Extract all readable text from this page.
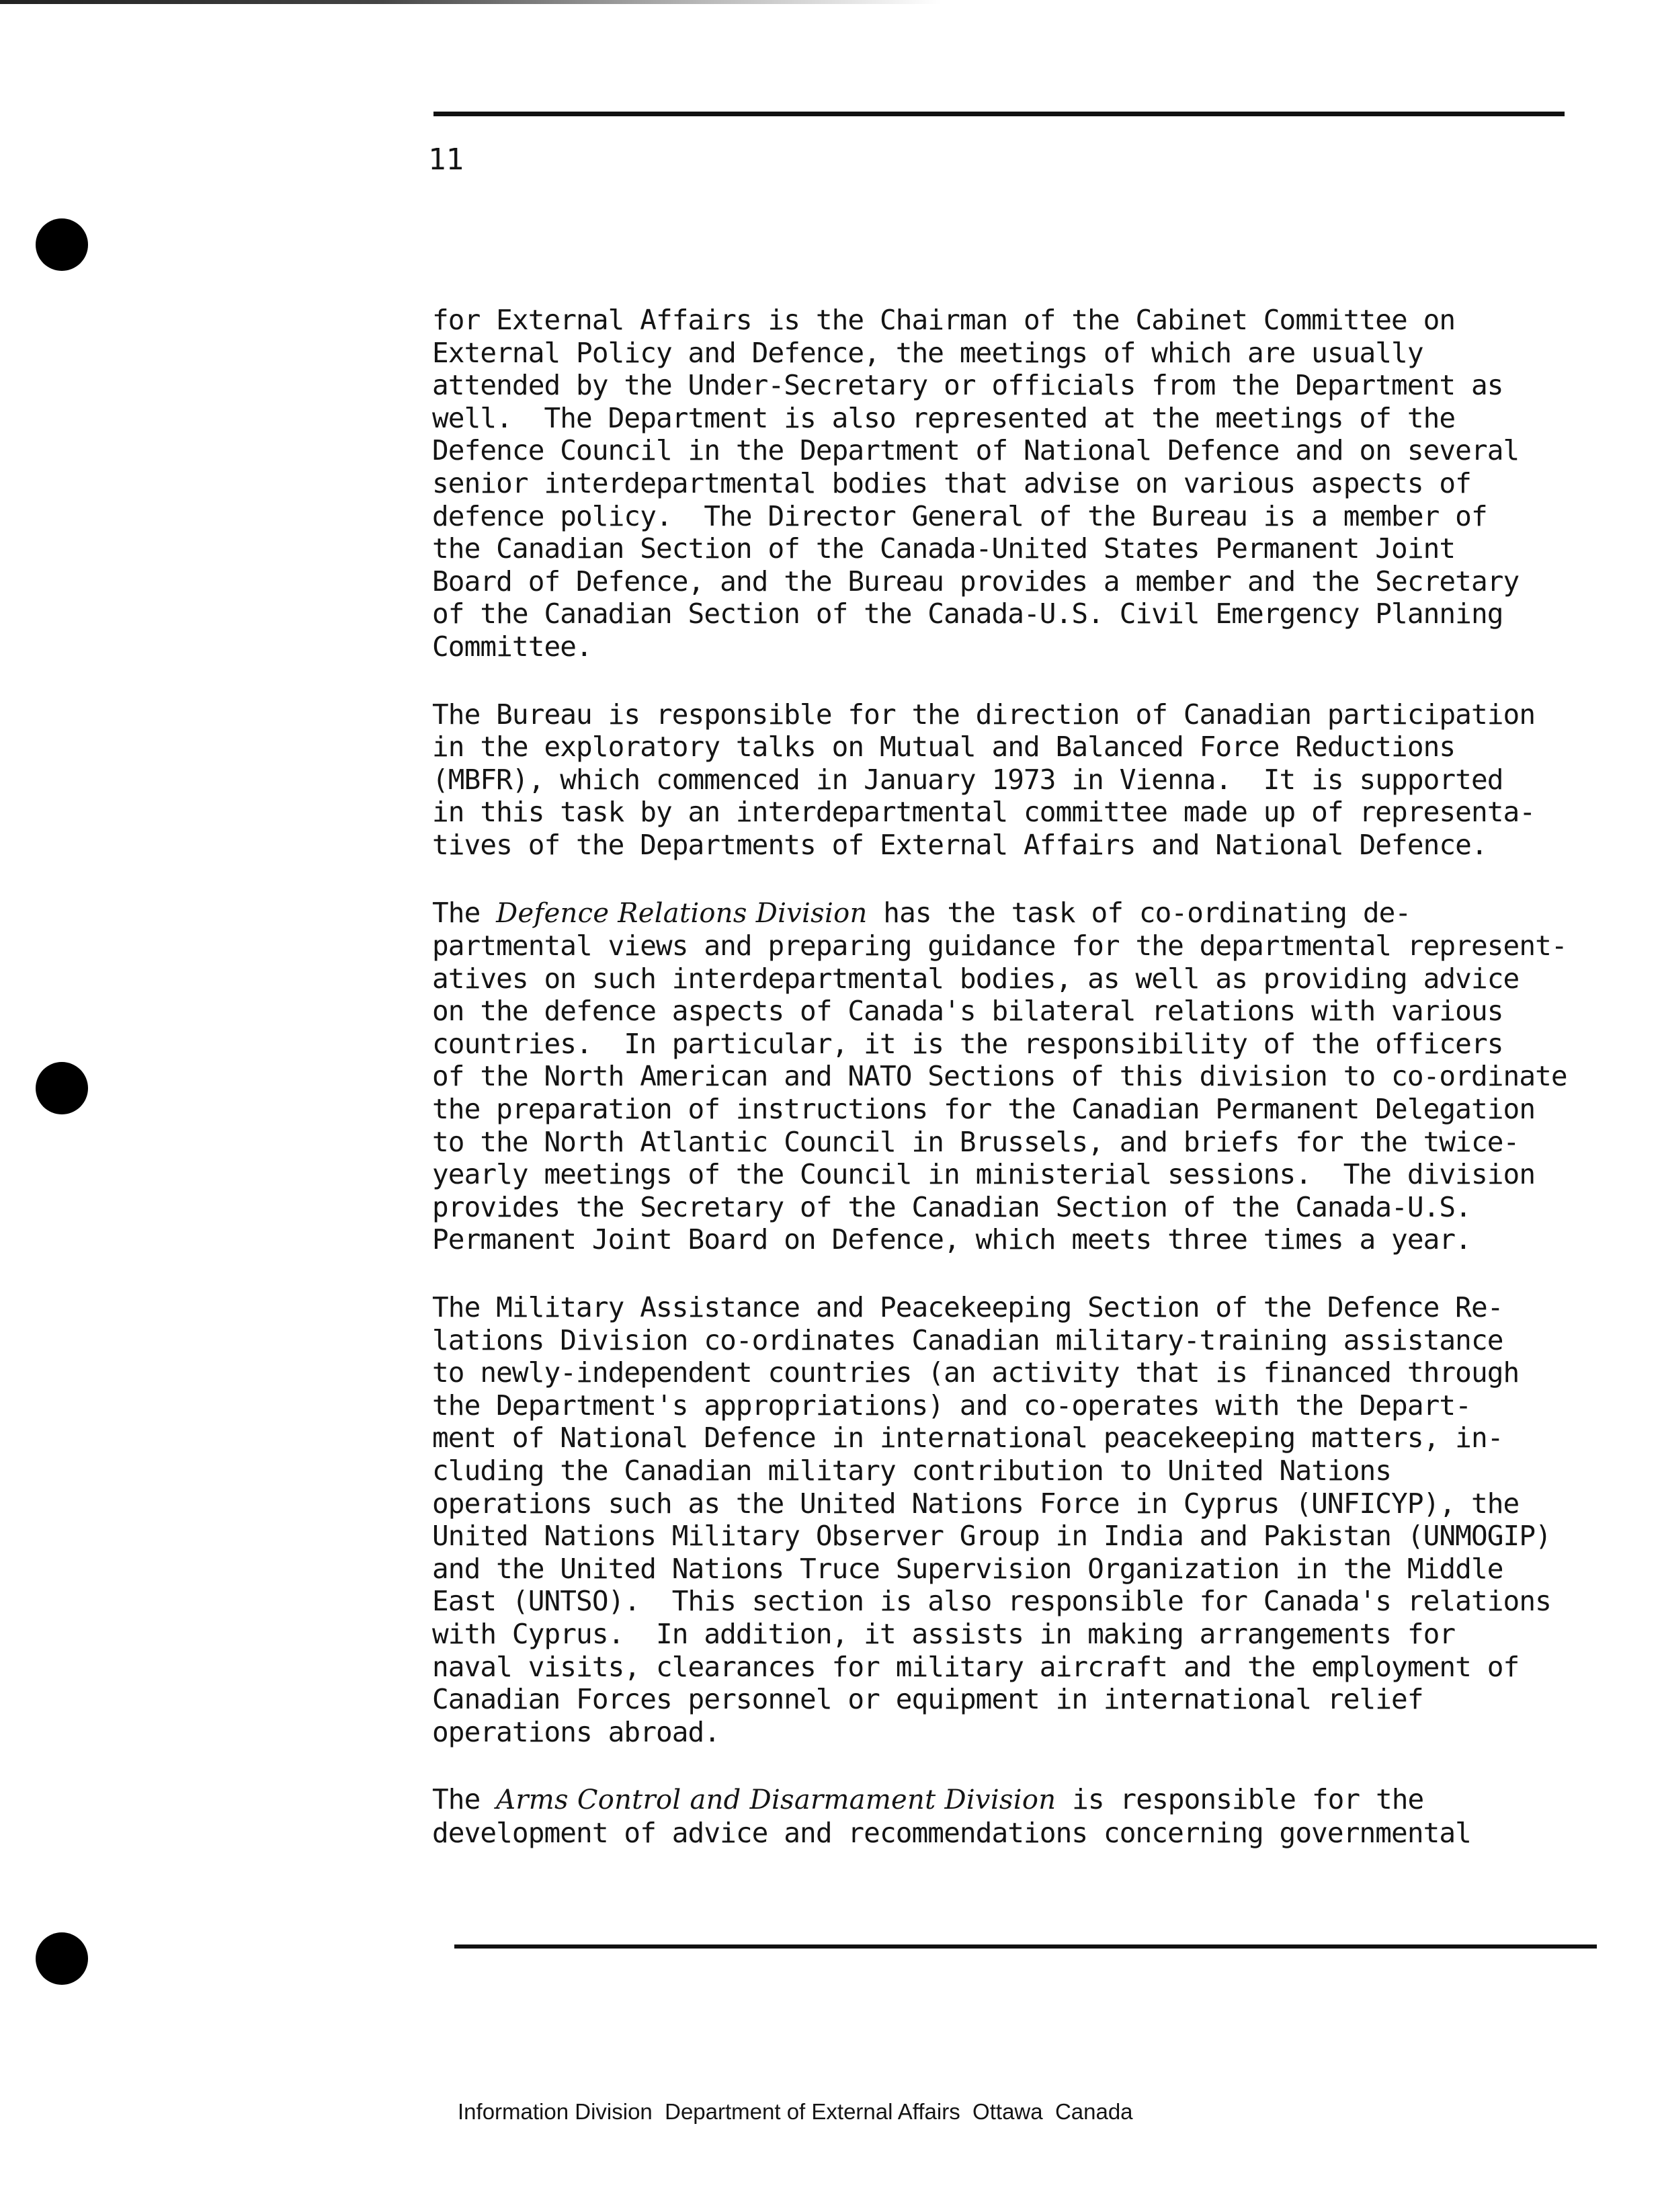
11
for External Affairs is the Chairman of the Cabinet Committee on
External Policy and Defence, the meetings of which are usually
attended by the Under-Secretary or officials from the Department as
well.  The Department is also represented at the meetings of the
Defence Council in the Department of National Defence and on several
senior interdepartmental bodies that advise on various aspects of
defence policy.  The Director General of the Bureau is a member of
the Canadian Section of the Canada-United States Permanent Joint
Board of Defence, and the Bureau provides a member and the Secretary
of the Canadian Section of the Canada-U.S. Civil Emergency Planning
Committee.
The Bureau is responsible for the direction of Canadian participation
in the exploratory talks on Mutual and Balanced Force Reductions
(MBFR), which commenced in January 1973 in Vienna.  It is supported
in this task by an interdepartmental committee made up of representa-
tives of the Departments of External Affairs and National Defence.
The Defence Relations Division has the task of co-ordinating de-
partmental views and preparing guidance for the departmental represent-
atives on such interdepartmental bodies, as well as providing advice
on the defence aspects of Canada's bilateral relations with various
countries.  In particular, it is the responsibility of the officers
of the North American and NATO Sections of this division to co-ordinate
the preparation of instructions for the Canadian Permanent Delegation
to the North Atlantic Council in Brussels, and briefs for the twice-
yearly meetings of the Council in ministerial sessions.  The division
provides the Secretary of the Canadian Section of the Canada-U.S.
Permanent Joint Board on Defence, which meets three times a year.
The Military Assistance and Peacekeeping Section of the Defence Re-
lations Division co-ordinates Canadian military-training assistance
to newly-independent countries (an activity that is financed through
the Department's appropriations) and co-operates with the Depart-
ment of National Defence in international peacekeeping matters, in-
cluding the Canadian military contribution to United Nations
operations such as the United Nations Force in Cyprus (UNFICYP), the
United Nations Military Observer Group in India and Pakistan (UNMOGIP)
and the United Nations Truce Supervision Organization in the Middle
East (UNTSO).  This section is also responsible for Canada's relations
with Cyprus.  In addition, it assists in making arrangements for
naval visits, clearances for military aircraft and the employment of
Canadian Forces personnel or equipment in international relief
operations abroad.
The Arms Control and Disarmament Division is responsible for the
development of advice and recommendations concerning governmental
Information Division  Department of External Affairs  Ottawa  Canada
